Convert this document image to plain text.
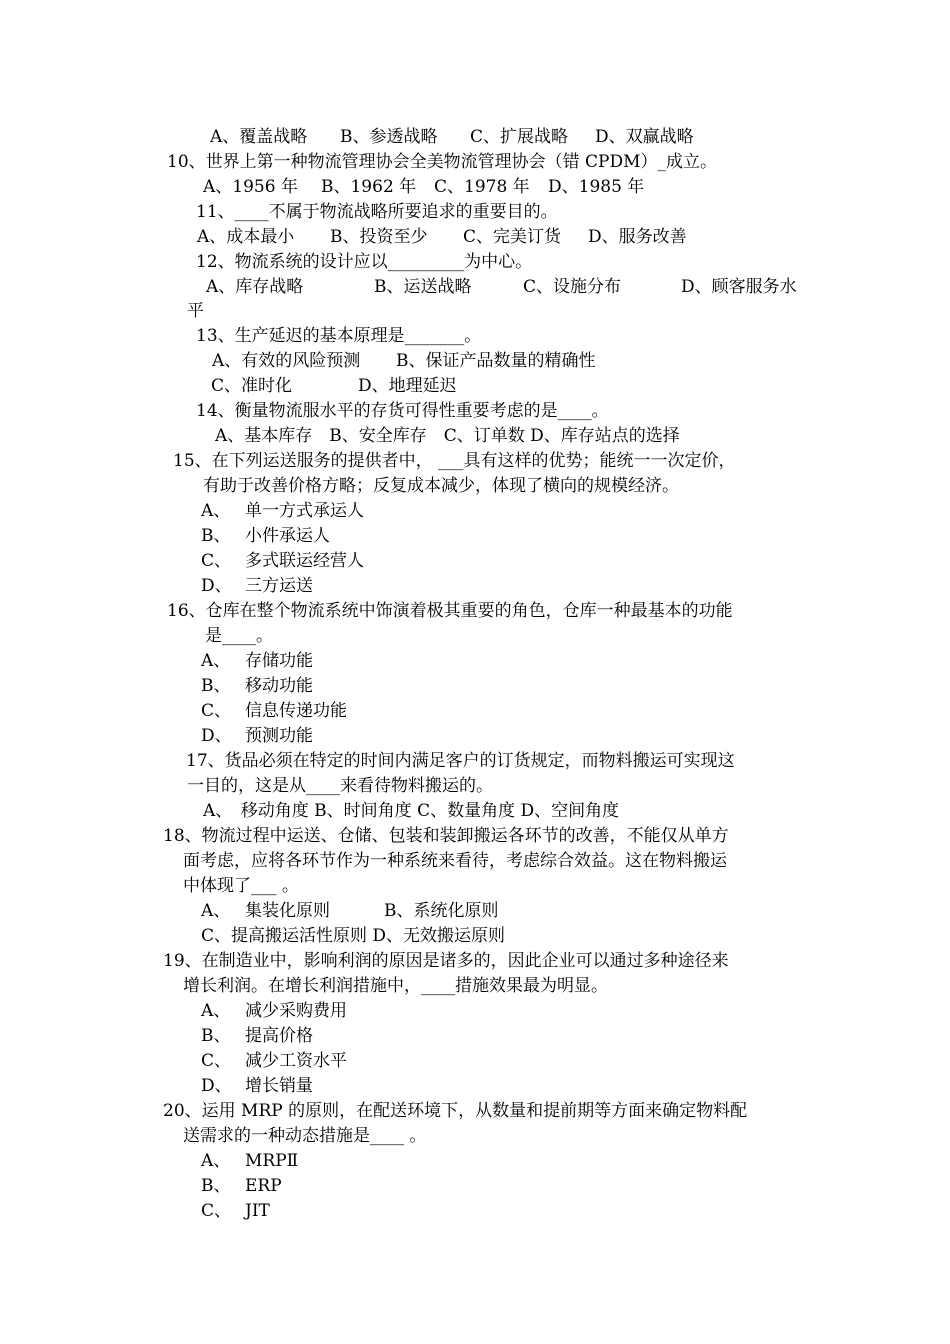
A、覆盖战略 B、参透战略 C、扩展战略 D、双赢战略
10、世界上第一种物流管理协会全美物流管理协会（错 CPDM）_成立。
A、1956 年 B、1962 年 C、1978 年 D、1985 年
11、____不属于物流战略所要追求的重要目的。
A、成本最小 B、投资至少 C、完美订货 D、服务改善
12、物流系统的设计应以_________为中心。
A、库存战略	B、运送战略	C、设施分布	D、顾客服务水
平
13、生产延迟的基本原理是_______。
A、有效的风险预测 B、保证产品数量的精确性
C、准时化	D、地理延迟
14、衡量物流服水平的存货可得性重要考虑的是____。
A、基本库存　B、安全库存　C、订单数 D、库存站点的选择
15、在下列运送服务的提供者中， ___具有这样的优势；能统一一次定价，
有助于改善价格方略；反复成本减少，体现了横向的规模经济。
A、 单一方式承运人
B、 小件承运人
C、 多式联运经营人
D、 三方运送
16、仓库在整个物流系统中饰演着极其重要的角色，仓库一种最基本的功能
是____。
A、 存储功能
B、 移动功能
C、 信息传递功能
D、 预测功能
17、货品必须在特定的时间内满足客户的订货规定，而物料搬运可实现这
一目的，这是从____来看待物料搬运的。
A、　移动角度 B、时间角度 C、数量角度 D、空间角度
18、物流过程中运送、仓储、包装和装卸搬运各环节的改善，不能仅从单方
面考虑，应将各环节作为一种系统来看待，考虑综合效益。这在物料搬运
中体现了___ 。
A、 集装化原则	B、系统化原则
C、提高搬运活性原则 D、无效搬运原则
19、在制造业中，影响利润的原因是诸多的，因此企业可以通过多种途径来
增长利润。在增长利润措施中，____措施效果最为明显。
A、 减少采购费用
B、 提高价格
C、 减少工资水平
D、 增长销量
20、运用 MRP 的原则，在配送环境下，从数量和提前期等方面来确定物料配
送需求的一种动态措施是____ 。
A、 MRPⅡ
B、 ERP
C、 JIT
